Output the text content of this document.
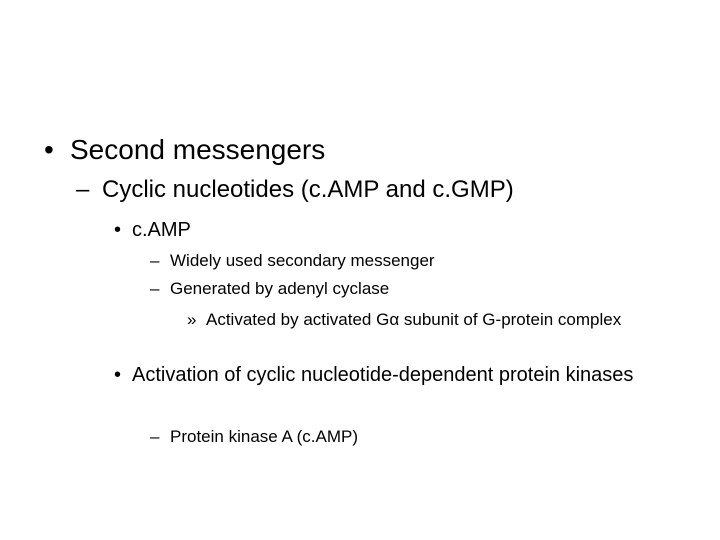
• Second messengers
– Cyclic nucleotides (c.AMP and c.GMP)
• c.AMP
– Widely used secondary messenger
– Generated by adenyl cyclase
» Activated by activated Gα subunit of G-protein complex
• Activation of cyclic nucleotide-dependent protein kinases
– Protein kinase A (c.AMP)
